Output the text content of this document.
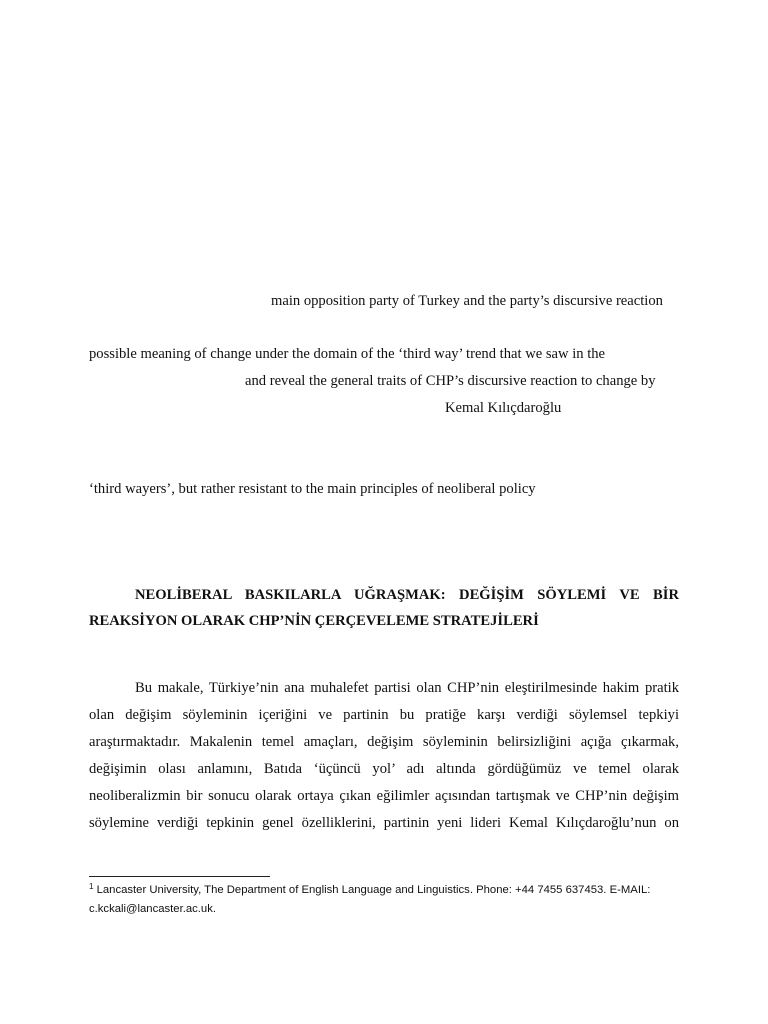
main opposition party of Turkey and the party’s discursive reaction
possible meaning of change under the domain of the ‘third way’ trend that we saw in the
and reveal the general traits of CHP’s discursive reaction to change by
Kemal Kılıçdaroğlu
‘third wayers’, but rather resistant to the main principles of neoliberal policy
NEOLİBERAL BASKILARLA UĞRAŞMAK: DEĞİŞİM SÖYLEMİ VE BİR
REAKSİYON OLARAK CHP’NİN ÇERÇEVELEME STRATEJİLERİ
Bu makale, Türkiye’nin ana muhalefet partisi olan CHP’nin eleştirilmesinde hakim pratik
olan değişim söyleminin içeriğini ve partinin bu pratiğe karşı verdiği söylemsel tepkiyi
araştırmaktadır. Makalenin temel amaçları, değişim söyleminin belirsizliğini açığa çıkarmak,
değişimin olası anlamını, Batıda ‘üçüncü yol’ adı altında gördüğümüz ve temel olarak
neoliberalizmin bir sonucu olarak ortaya çıkan eğilimler açısından tartışmak ve CHP’nin değişim
söylemine verdiği tepkinin genel özelliklerini, partinin yeni lideri Kemal Kılıçdaroğlu’nun on
$^1$ Lancaster University, The Department of English Language and Linguistics. Phone: +44 7455 637453. E-MAIL:
c.kckali@lancaster.ac.uk.
